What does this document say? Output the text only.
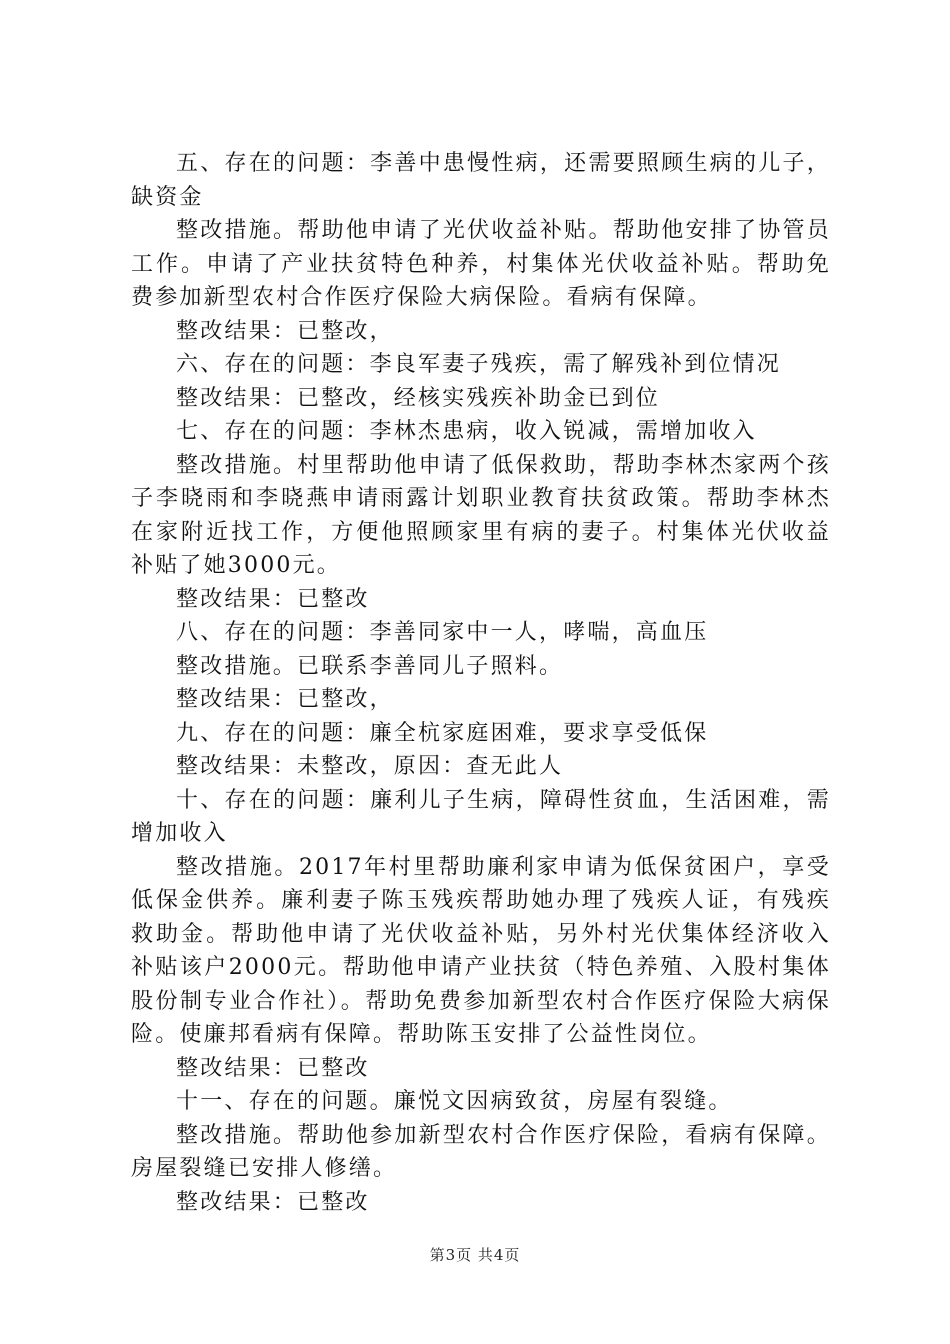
五、存在的问题：李善中患慢性病，还需要照顾生病的儿子，缺资金

整改措施。帮助他申请了光伏收益补贴。帮助他安排了协管员工作。申请了产业扶贫特色种养，村集体光伏收益补贴。帮助免费参加新型农村合作医疗保险大病保险。看病有保障。

整改结果：已整改，

六、存在的问题：李良军妻子残疾，需了解残补到位情况

整改结果：已整改，经核实残疾补助金已到位

七、存在的问题：李林杰患病，收入锐减，需增加收入

整改措施。村里帮助他申请了低保救助，帮助李林杰家两个孩子李晓雨和李晓燕申请雨露计划职业教育扶贫政策。帮助李林杰在家附近找工作，方便他照顾家里有病的妻子。村集体光伏收益补贴了她3000元。

整改结果：已整改

八、存在的问题：李善同家中一人，哮喘，高血压

整改措施。已联系李善同儿子照料。

整改结果：已整改，

九、存在的问题：廉全杭家庭困难，要求享受低保

整改结果：未整改，原因：查无此人

十、存在的问题：廉利儿子生病，障碍性贫血，生活困难，需增加收入

整改措施。2017年村里帮助廉利家申请为低保贫困户，享受低保金供养。廉利妻子陈玉残疾帮助她办理了残疾人证，有残疾救助金。帮助他申请了光伏收益补贴，另外村光伏集体经济收入补贴该户2000元。帮助他申请产业扶贫（特色养殖、入股村集体股份制专业合作社）。帮助免费参加新型农村合作医疗保险大病保险。使廉邦看病有保障。帮助陈玉安排了公益性岗位。

整改结果：已整改

十一、存在的问题。廉悦文因病致贫，房屋有裂缝。

整改措施。帮助他参加新型农村合作医疗保险，看病有保障。房屋裂缝已安排人修缮。

整改结果：已整改

第3页 共4页
